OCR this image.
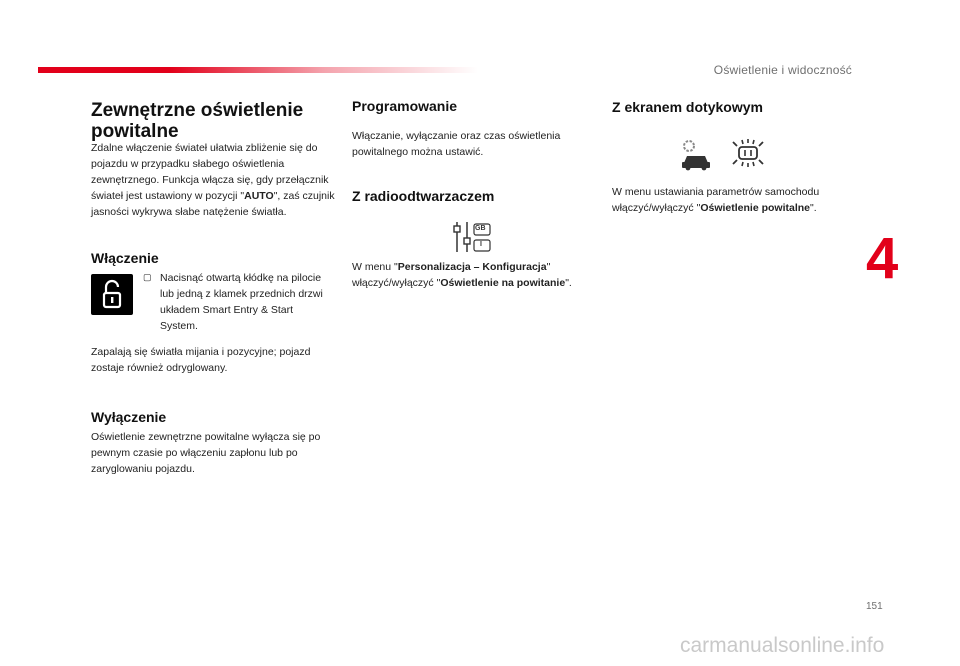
Oświetlenie i widoczność
Zewnętrzne oświetlenie powitalne

Zdalne włączenie świateł ułatwia zbliżenie się do pojazdu w przypadku słabego oświetlenia zewnętrznego. Funkcja włącza się, gdy przełącznik świateł jest ustawiony w pozycji "AUTO", zaś czujnik jasności wykrywa słabe natężenie światła.

Włączenie
▢ Nacisnąć otwartą kłódkę na pilocie lub jedną z klamek przednich drzwi układem Smart Entry & Start System.

Zapalają się światła mijania i pozycyjne; pojazd zostaje również odryglowany.

Wyłączenie

Oświetlenie zewnętrzne powitalne wyłącza się po pewnym czasie po włączeniu zapłonu lub po zaryglowaniu pojazdu.

Programowanie

Włączanie, wyłączanie oraz czas oświetlenia powitalnego można ustawić.

Z radioodtwarzaczem
GB
I

W menu "Personalizacja – Konfiguracja" włączyć/wyłączyć "Oświetlenie na powitanie".

Z ekranem dotykowym

W menu ustawiania parametrów samochodu włączyć/wyłączyć "Oświetlenie powitalne".

4
151
carmanualsonline.info
